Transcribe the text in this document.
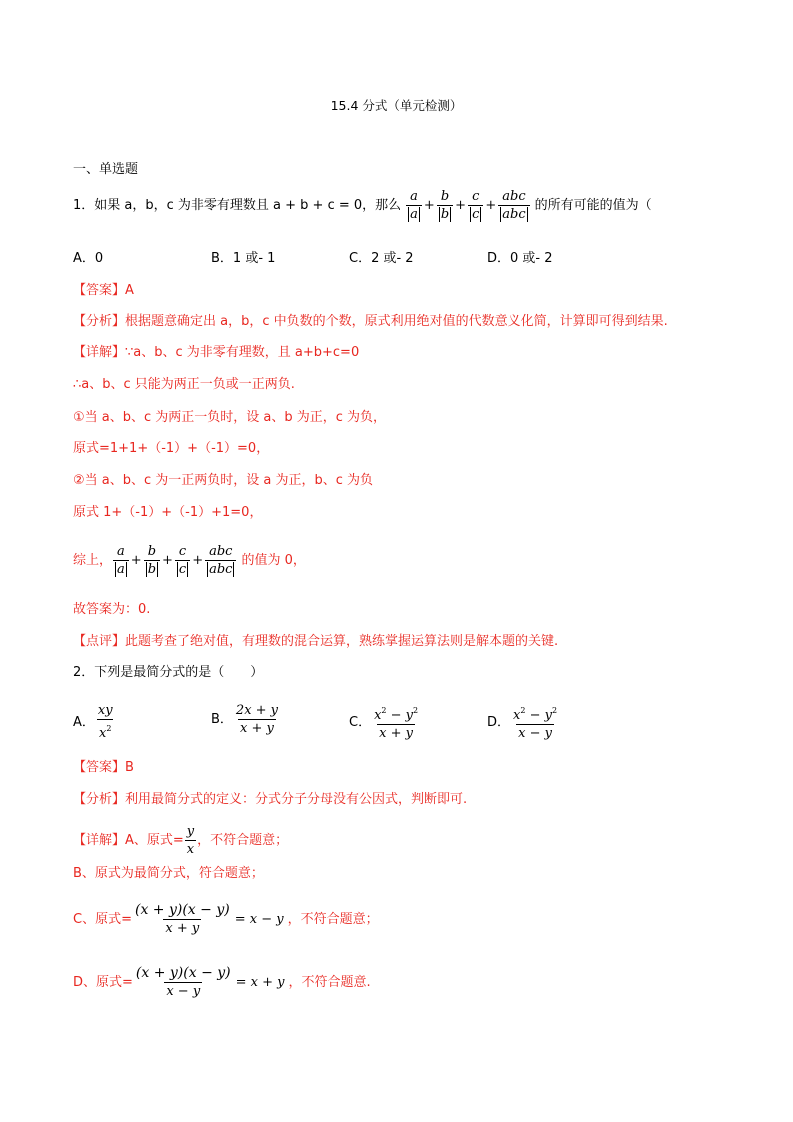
15.4 分式（单元检测）
一、单选题
1．如果 a，b，c 为非零有理数且 a + b + c = 0，那么 $\frac{a}{a} + \frac{b}{b} + \frac{c}{c} + \frac{\text{abc}}{\text{abc}}$ 的所有可能的值为（
A．0	B．1 或- 1	C．2 或- 2	D．0 或- 2
【答案】A
【分析】根据题意确定出 a，b，c 中负数的个数，原式利用绝对值的代数意义化简，计算即可得到结果.
【详解】∵a、b、c 为非零有理数，且 a+b+c=0
∴a、b、c 只能为两正一负或一正两负.
①当 a、b、c 为两正一负时，设 a、b 为正，c 为负，
原式=1+1+（-1）+（-1）=0，
②当 a、b、c 为一正两负时，设 a 为正，b、c 为负
原式 1+（-1）+（-1）+1=0，
综上， $\frac{a}{a} + \frac{b}{b} + \frac{c}{c} + \frac{\text{abc}}{\text{abc}}$ 的值为 0，
故答案为：0.
【点评】此题考查了绝对值，有理数的混合运算，熟练掌握运算法则是解本题的关键.
2．下列是最简分式的是（　　）
A． $\frac{xy}{x^2}$	B． $\frac{2x + y}{x + y}$	C． $\frac{x^2 - y^2}{x + y}$	D． $\frac{x^2 - y^2}{x - y}$
【答案】B
【分析】利用最简分式的定义：分式分子分母没有公因式，判断即可.
【详解】A、原式= $\frac{y}{x}$ ，不符合题意；
B、原式为最简分式，符合题意；
C、原式= $\frac{(x + y)(x - y)}{x + y} = x - y$ ，不符合题意；
D、原式= $\frac{(x + y)(x - y)}{x - y} = x + y$ ，不符合题意.
